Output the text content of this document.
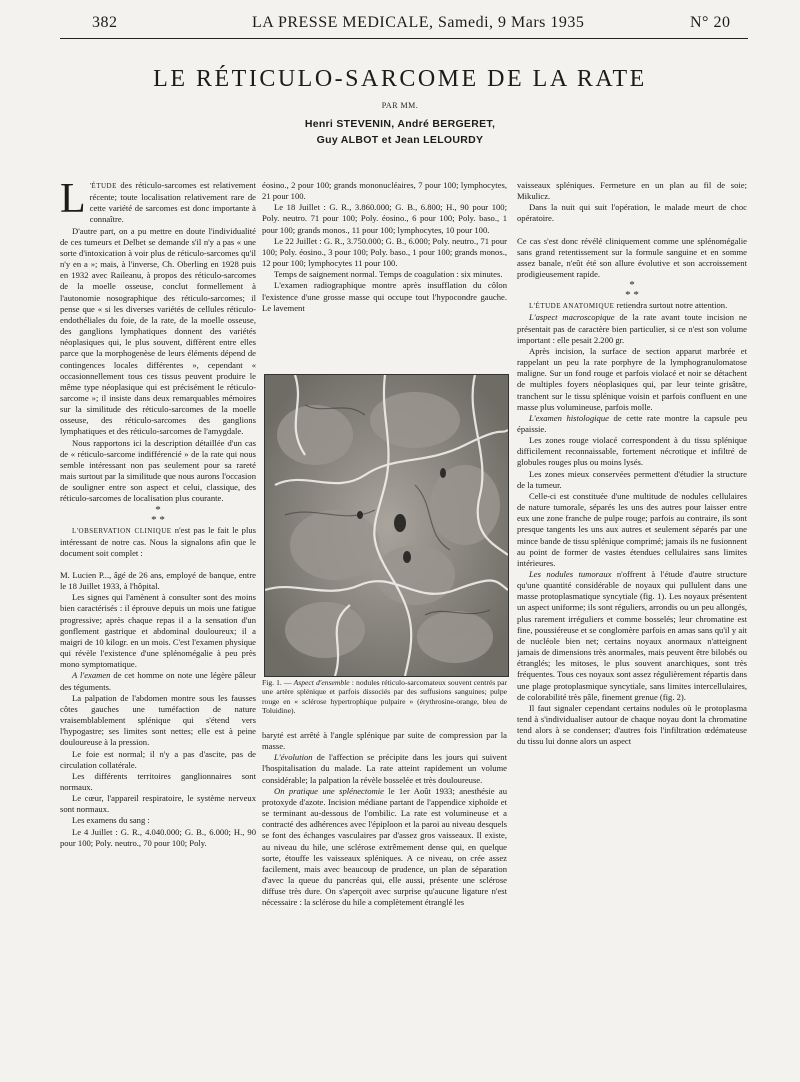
382	LA PRESSE MEDICALE, Samedi, 9 Mars 1935	N° 20
LE RÉTICULO-SARCOME DE LA RATE
PAR MM.
Henri STEVENIN, André BERGERET,
Guy ALBOT et Jean LELOURDY

L 'ÉTUDE des réticulo-sarcomes est relativement récente; toute localisation relativement rare de cette variété de sarcomes est donc importante à connaître.

D'autre part, on a pu mettre en doute l'individualité de ces tumeurs et Delbet se demande s'il n'y a pas « une sorte d'intoxication à voir plus de réticulo-sarcomes qu'il n'y en a »; mais, à l'inverse, Ch. Oberling en 1928 puis en 1932 avec Raileanu, à propos des réticulo-sarcomes de la moelle osseuse, conclut formellement à l'autonomie nosographique des réticulo-sarcomes; il pense que « si les diverses variétés de cellules réticulo-endothéliales du foie, de la rate, de la moelle osseuse, des ganglions lymphatiques donnent des variétés néoplasiques qui, le plus souvent, diffèrent entre elles parce que la morphogenèse de leurs éléments dépend de contingences locales différentes », cependant « occasionnellement tous ces tissus peuvent produire le même type néoplasique qui est précisément le réticulo-sarcome »; il insiste dans deux remarquables mémoires sur la similitude des réticulo-sarcomes de la moelle osseuse, des réticulo-sarcomes des ganglions lymphatiques et des réticulo-sarcomes de l'amygdale.

Nous rapportons ici la description détaillée d'un cas de « réticulo-sarcome indifférencié » de la rate qui nous semble intéressant non pas seulement pour sa rareté mais surtout par la similitude que nous aurons l'occasion de souligner entre son aspect et celui, classique, des réticulo-sarcomes de localisation plus courante.

*
* *

L'OBSERVATION CLINIQUE n'est pas le fait le plus intéressant de notre cas. Nous la signalons afin que le document soit complet :

M. Lucien P..., âgé de 26 ans, employé de banque, entre le 18 Juillet 1933, à l'hôpital.

Les signes qui l'amènent à consulter sont des moins bien caractérisés : il éprouve depuis un mois une fatigue progressive; après chaque repas il a la sensation d'un gonflement gastrique et abdominal douloureux; il a maigri de 10 kilogr. en un mois. C'est l'examen physique qui révèle l'existence d'une splénomégalie à peu près mono symptomatique.

A l'examen de cet homme on note une légère pâleur des téguments.

La palpation de l'abdomen montre sous les fausses côtes gauches une tuméfaction de nature vraisemblablement splénique qui s'étend vers l'hypogastre; ses limites sont nettes; elle est à peine douloureuse à la pression.

Le foie est normal; il n'y a pas d'ascite, pas de circulation collatérale.

Les différents territoires ganglionnaires sont normaux.

Le cœur, l'appareil respiratoire, le système nerveux sont normaux.

Les examens du sang :

Le 4 Juillet : G. R., 4.040.000; G. B., 6.000; H., 90 pour 100; Poly. neutro., 70 pour 100; Poly.

éosino., 2 pour 100; grands mononucléaires, 7 pour 100; lymphocytes, 21 pour 100.

Le 18 Juillet : G. R., 3.860.000; G. B., 6.800; H., 90 pour 100; Poly. neutro. 71 pour 100; Poly. éosino., 6 pour 100; Poly. baso., 1 pour 100; grands monos., 11 pour 100; lymphocytes, 10 pour 100.

Le 22 Juillet : G. R., 3.750.000; G. B., 6.000; Poly. neutro., 71 pour 100; Poly. éosino., 3 pour 100; Poly. baso., 1 pour 100; grands monos., 12 pour 100; lymphocytes 11 pour 100.

Temps de saignement normal. Temps de coagulation : six minutes.

L'examen radiographique montre après insufflation du côlon l'existence d'une grosse masse qui occupe tout l'hypocondre gauche. Le lavement

Fig. 1. — Aspect d'ensemble : nodules réticulo-sarcomateux souvent centrés par une artère splénique et parfois dissociés par des suffusions sanguines; pulpe rouge en « sclérose hypertrophique pulpaire » (érythrosine-orange, bleu de Toluidine).

baryté est arrêté à l'angle splénique par suite de compression par la masse.

L'évolution de l'affection se précipite dans les jours qui suivent l'hospitalisation du malade. La rate atteint rapidement un volume considérable; la palpation la révèle bosselée et très douloureuse.

On pratique une splénectomie le 1er Août 1933; anesthésie au protoxyde d'azote. Incision médiane partant de l'appendice xiphoïde et se terminant au-dessous de l'ombilic. La rate est volumineuse et a contracté des adhérences avec l'épiploon et la paroi au niveau desquels se font des échanges vasculaires par d'assez gros vaisseaux. Il existe, au niveau du hile, une sclérose extrêmement dense qui, en quelque sorte, étouffe les vaisseaux spléniques. A ce niveau, on crée assez facilement, mais avec beaucoup de prudence, un plan de séparation d'avec la queue du pancréas qui, elle aussi, présente une sclérose diffuse très dure. On s'aperçoit avec surprise qu'aucune ligature n'est nécessaire : la sclérose du hile a complètement étranglé les

vaisseaux spléniques. Fermeture en un plan au fil de soie; Mikulicz.

Dans la nuit qui suit l'opération, le malade meurt de choc opératoire.

Ce cas s'est donc révélé cliniquement comme une splénomégalie sans grand retentissement sur la formule sanguine et en somme assez banale, n'eût été son allure évolutive et son accroissement prodigieusement rapide.

*
* *

L'ÉTUDE ANATOMIQUE retiendra surtout notre attention.

L'aspect macroscopique de la rate avant toute incision ne présentait pas de caractère bien particulier, si ce n'est son volume important : elle pesait 2.200 gr.

Après incision, la surface de section apparut marbrée et rappelant un peu la rate porphyre de la lymphogranulomatose maligne. Sur un fond rouge et parfois violacé et noir se détachent de multiples foyers néoplasiques qui, par leur teinte grisâtre, tranchent sur le tissu splénique voisin et parfois confluent en une masse plus volumineuse, parfois molle.

L'examen histologique de cette rate montre la capsule peu épaissie.

Les zones rouge violacé correspondent à du tissu splénique difficilement reconnaissable, fortement nécrotique et infiltré de globules rouges plus ou moins lysés.

Les zones mieux conservées permettent d'étudier la structure de la tumeur.

Celle-ci est constituée d'une multitude de nodules cellulaires de nature tumorale, séparés les uns des autres pour laisser entre eux une zone franche de pulpe rouge; parfois au contraire, ils sont presque tangents les uns aux autres et seulement séparés par une mince bande de tissu splénique comprimé; jamais ils ne fusionnent au point de former de vastes étendues cellulaires sans limites intérieures.

Les nodules tumoraux n'offrent à l'étude d'autre structure qu'une quantité considérable de noyaux qui pullulent dans une masse protoplasmatique syncytiale (fig. 1). Les noyaux présentent un aspect uniforme; ils sont réguliers, arrondis ou un peu allongés, plus rarement irréguliers et comme bosselés; leur chromatine est fine, poussiéreuse et se conglomère parfois en amas sans qu'il y ait de nucléole bien net; certains noyaux anormaux n'atteignent jamais de dimensions très anormales, mais peuvent être bilobés ou étranglés; les mitoses, le plus souvent anarchiques, sont très fréquentes. Tous ces noyaux sont assez régulièrement répartis dans une plage protoplasmique syncytiale, sans limites intercellulaires, de colorabilité très pâle, finement grenue (fig. 2).

Il faut signaler cependant certains nodules où le protoplasma tend à s'individualiser autour de chaque noyau dont la chromatine tend alors à se condenser; d'autres fois l'infiltration œdémateuse du tissu lui donne alors un aspect
